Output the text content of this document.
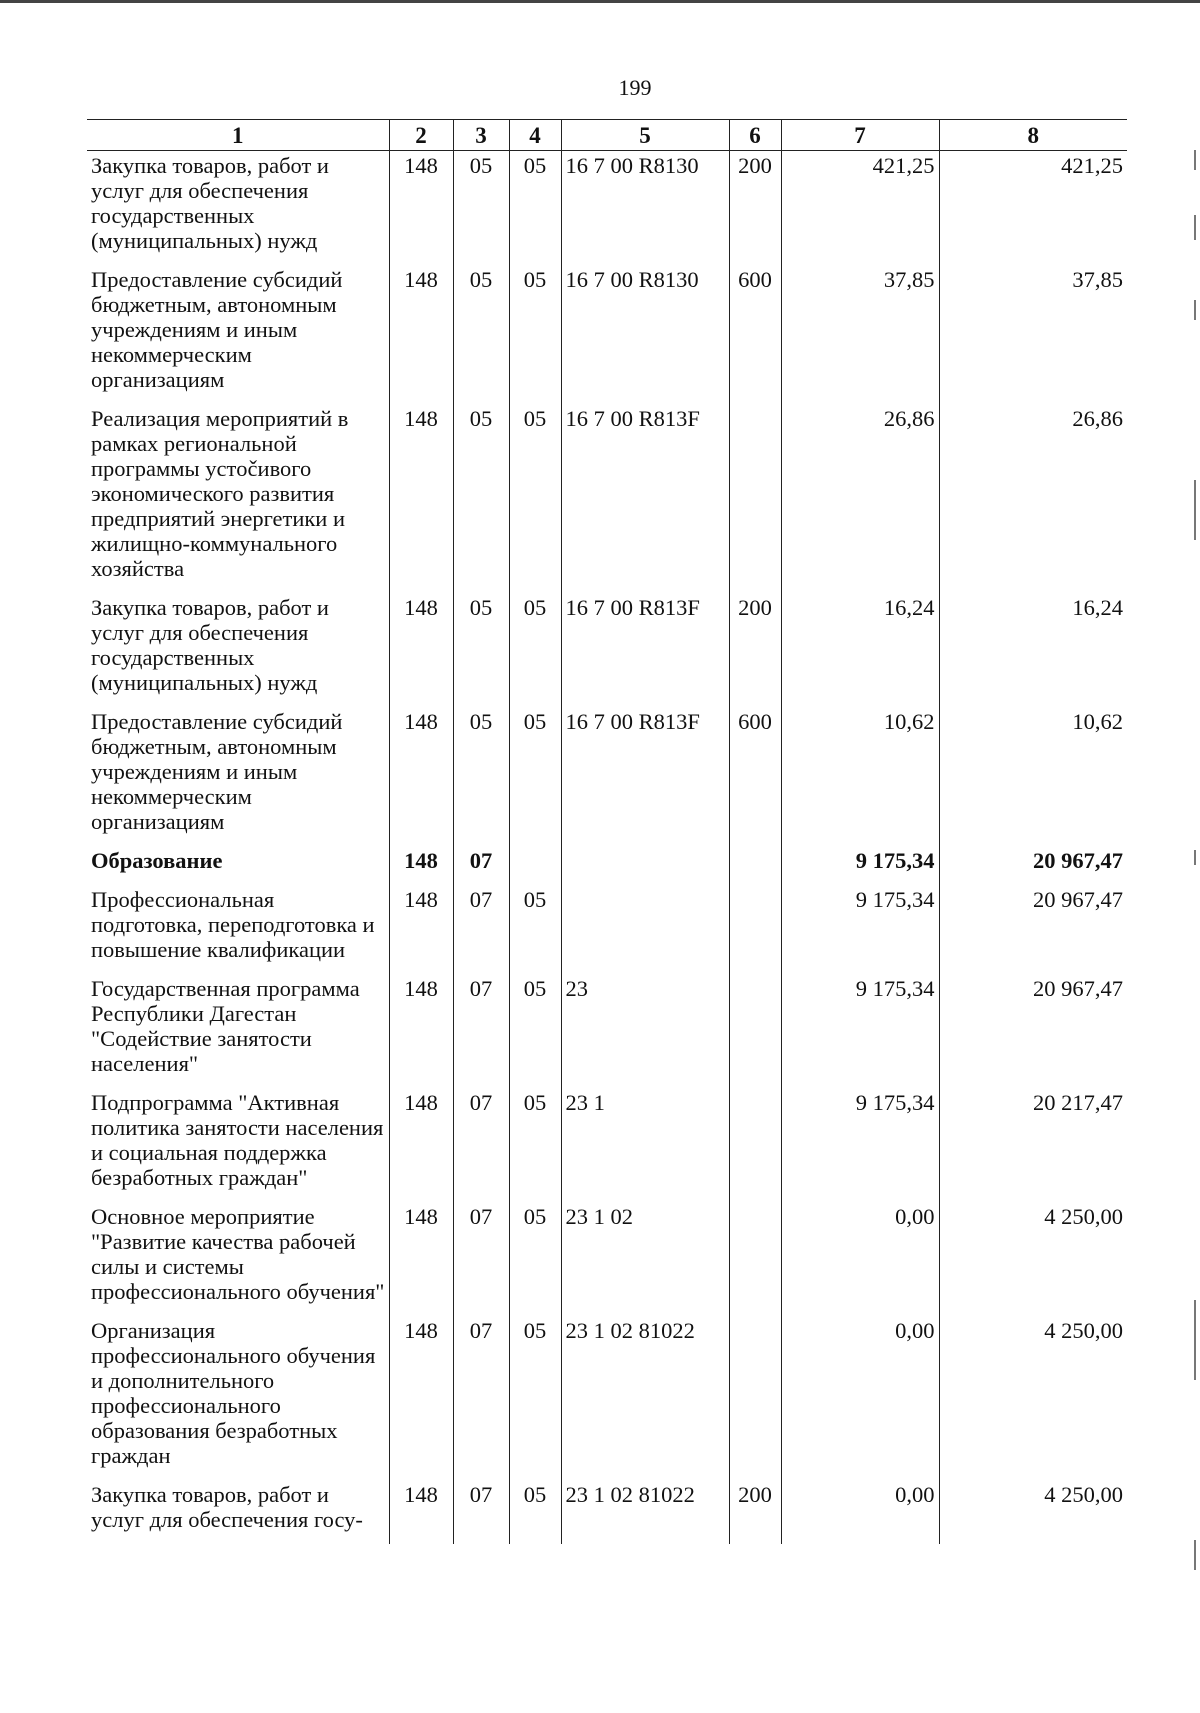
199
1	2	3	4	5	6	7	8
Закупка товаров, работ и услуг для обеспечения государственных (муниципальных) нужд	148	05	05	16 7 00 R8130	200	421,25	421,25
Предоставление субсидий бюджетным, автономным учреждениям и иным некоммерческим организациям	148	05	05	16 7 00 R8130	600	37,85	37,85
Реализация мероприятий в рамках региональной программы устočивого экономического развития предприятий энергетики и жилищно-коммунального хозяйства	148	05	05	16 7 00 R813F		26,86	26,86
Закупка товаров, работ и услуг для обеспечения государственных (муниципальных) нужд	148	05	05	16 7 00 R813F	200	16,24	16,24
Предоставление субсидий бюджетным, автономным учреждениям и иным некоммерческим организациям	148	05	05	16 7 00 R813F	600	10,62	10,62
Образование	148	07				9 175,34	20 967,47
Профессиональная подготовка, переподготовка и повышение квалификации	148	07	05			9 175,34	20 967,47
Государственная программа Республики Дагестан "Содействие занятости населения"	148	07	05	23		9 175,34	20 967,47
Подпрограмма "Активная политика занятости населения и социальная поддержка безработных граждан"	148	07	05	23 1		9 175,34	20 217,47
Основное мероприятие "Развитие качества рабочей силы и системы профессионального обучения"	148	07	05	23 1 02		0,00	4 250,00
Организация профессионального обучения и дополнительного профессионального образования безработных граждан	148	07	05	23 1 02 81022		0,00	4 250,00
Закупка товаров, работ и услуг для обеспечения госу-	148	07	05	23 1 02 81022	200	0,00	4 250,00
